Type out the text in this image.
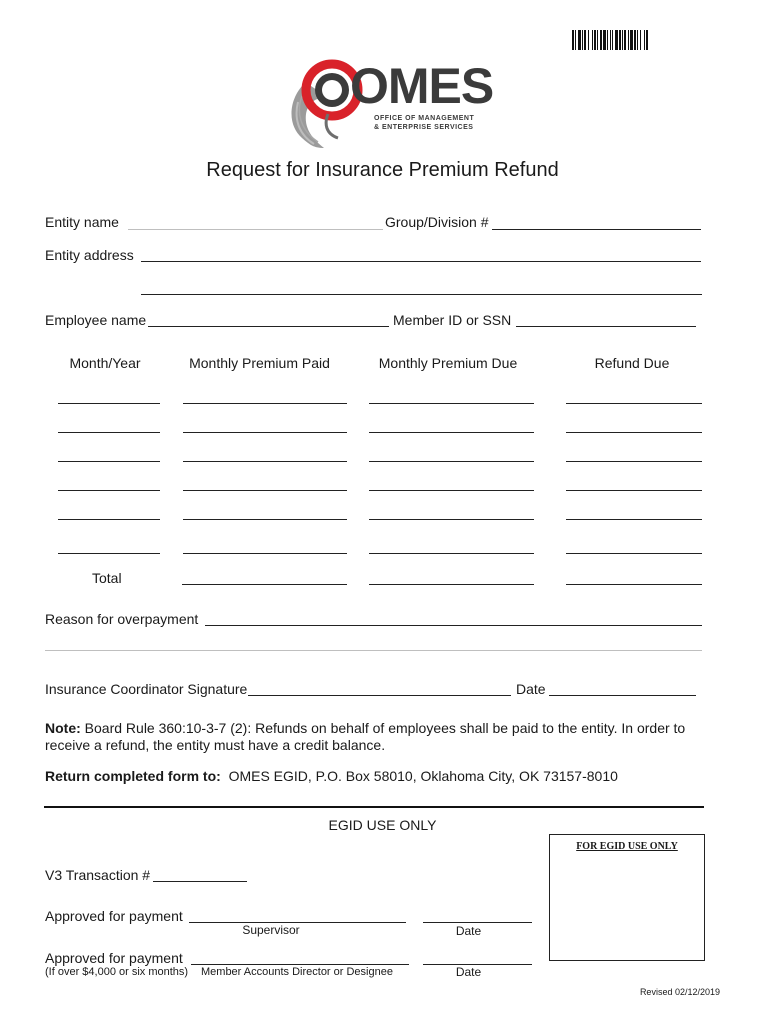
OMES
OFFICE OF MANAGEMENT
& ENTERPRISE SERVICES
Request for Insurance Premium Refund
Entity name	Group/Division #
Entity address
Employee name	Member ID or SSN
Month/Year	Monthly Premium Paid	Monthly Premium Due	Refund Due
Total
Reason for overpayment
Insurance Coordinator Signature	Date
Note: Board Rule 360:10-3-7 (2): Refunds on behalf of employees shall be paid to the entity. In order to
receive a refund, the entity must have a credit balance.
Return completed form to: OMES EGID, P.O. Box 58010, Oklahoma City, OK 73157-8010
EGID USE ONLY
FOR EGID USE ONLY
V3 Transaction #
Approved for payment
Supervisor	Date
Approved for payment
(If over $4,000 or six months) Member Accounts Director or Designee	Date
Revised 02/12/2019
